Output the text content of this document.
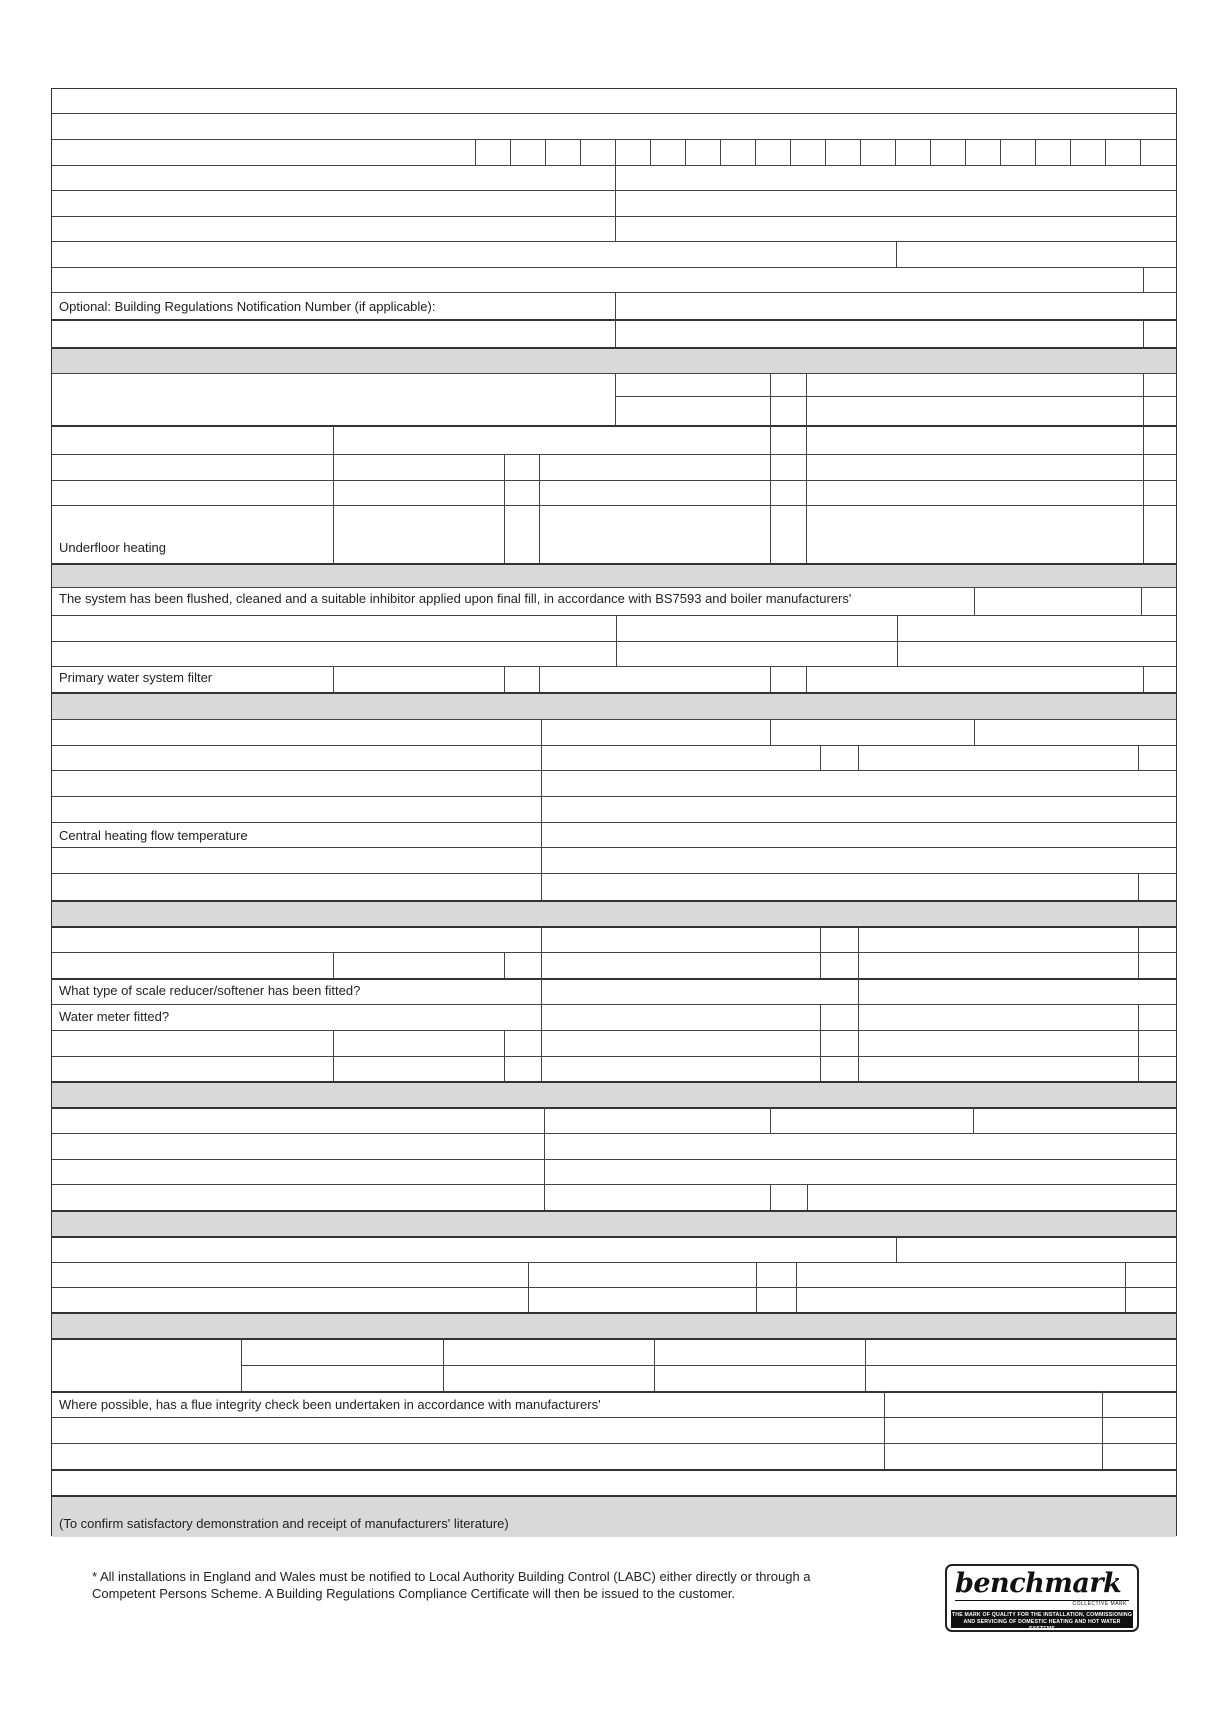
Optional: Building Regulations Notification Number (if applicable):
Underfloor heating
The system has been flushed, cleaned and a suitable inhibitor applied upon final fill, in accordance with BS7593 and boiler manufacturers'
Primary water system filter
Central heating flow temperature
What type of scale reducer/softener has been fitted?
Water meter fitted?
Where possible, has a flue integrity check been undertaken in accordance with manufacturers'
(To confirm satisfactory demonstration and receipt of manufacturers' literature)
* All installations in England and Wales must be notified to Local Authority Building Control (LABC) either directly or through a
Competent Persons Scheme. A Building Regulations Compliance Certificate will then be issued to the customer.	benchmark
COLLECTIVE MARK
THE MARK OF QUALITY FOR THE INSTALLATION, COMMISSIONING
AND SERVICING OF DOMESTIC HEATING AND HOT WATER SYSTEMS
